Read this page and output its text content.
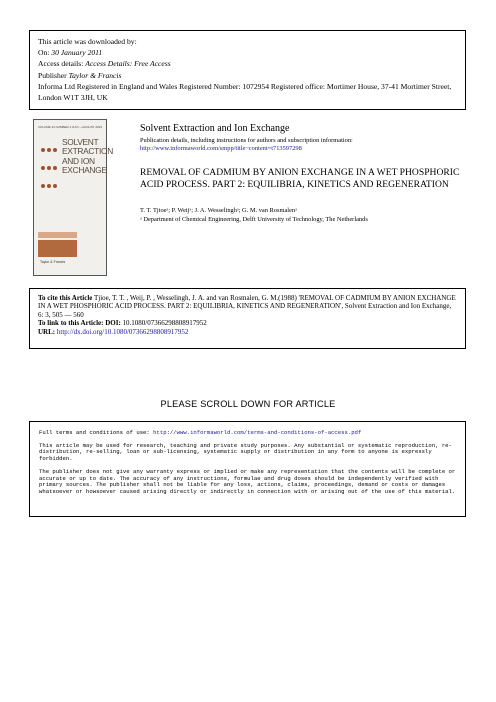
This article was downloaded by:
On: 30 January 2011
Access details: Access Details: Free Access
Publisher Taylor & Francis
Informa Ltd Registered in England and Wales Registered Number: 1072954 Registered office: Mortimer House, 37-41 Mortimer Street, London W1T 3JH, UK
VOLUME 33 NUMBER 4 JULY—AUGUST 2015

SOLVENT
EXTRACTION
AND ION
EXCHANGE
Taylor & Francis
Solvent Extraction and Ion Exchange
Publication details, including instructions for authors and subscription information:
http://www.informaworld.com/smpp/title~content=t713597298
REMOVAL OF CADMIUM BY ANION EXCHANGE IN A WET PHOSPHORIC ACID PROCESS. PART 2: EQUILIBRIA, KINETICS AND REGENERATION
T. T. Tjioeᵃ; P. Weijᵃ; J. A. Wesselinghᵃ; G. M. van Rosmalenᵃ
ᵃ Department of Chemical Engineering, Delft University of Technology, The Netherlands
To cite this Article Tjioe, T. T. , Weij, P. , Wesselingh, J. A. and van Rosmalen, G. M.(1988) 'REMOVAL OF CADMIUM BY ANION EXCHANGE IN A WET PHOSPHORIC ACID PROCESS. PART 2: EQUILIBRIA, KINETICS AND REGENERATION', Solvent Extraction and Ion Exchange, 6: 3, 505 — 560
To link to this Article: DOI: 10.1080/07366298808917952
URL: http://dx.doi.org/10.1080/07366298808917952
PLEASE SCROLL DOWN FOR ARTICLE

Full terms and conditions of use: http://www.informaworld.com/terms-and-conditions-of-access.pdf

This article may be used for research, teaching and private study purposes. Any substantial or systematic reproduction, re-distribution, re-selling, loan or sub-licensing, systematic supply or distribution in any form to anyone is expressly forbidden.

The publisher does not give any warranty express or implied or make any representation that the contents will be complete or accurate or up to date. The accuracy of any instructions, formulae and drug doses should be independently verified with primary sources. The publisher shall not be liable for any loss, actions, claims, proceedings, demand or costs or damages whatsoever or howsoever caused arising directly or indirectly in connection with or arising out of the use of this material.
